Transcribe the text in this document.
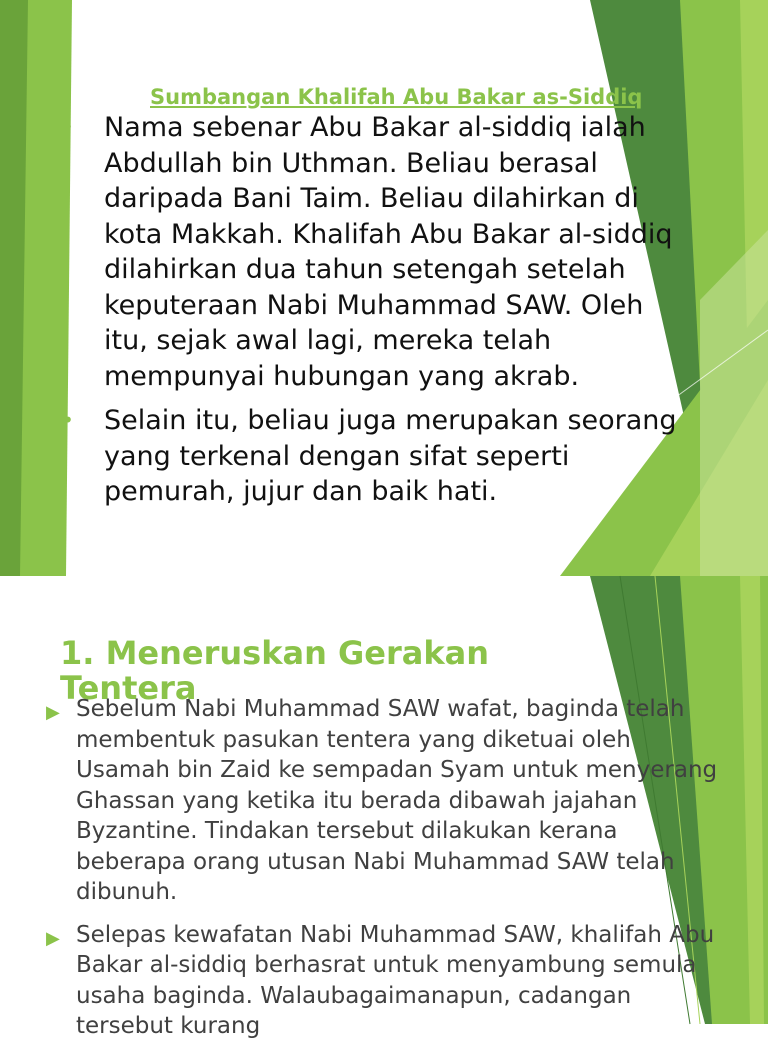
Sumbangan Khalifah Abu Bakar as-Siddiq
• Nama sebenar Abu Bakar al-siddiq ialah Abdullah bin Uthman. Beliau berasal daripada Bani Taim. Beliau dilahirkan di kota Makkah. Khalifah Abu Bakar al-siddiq dilahirkan dua tahun setengah setelah keputeraan Nabi Muhammad SAW. Oleh itu, sejak awal lagi, mereka telah mempunyai hubungan yang akrab.
• Selain itu, beliau juga merupakan seorang yang terkenal dengan sifat seperti pemurah, jujur dan baik hati.
1. Meneruskan Gerakan Tentera
▶ Sebelum Nabi Muhammad SAW wafat, baginda telah membentuk pasukan tentera yang diketuai oleh Usamah bin Zaid ke sempadan Syam untuk menyerang Ghassan yang ketika itu berada dibawah jajahan Byzantine. Tindakan tersebut dilakukan kerana beberapa orang utusan Nabi Muhammad SAW telah dibunuh.
▶ Selepas kewafatan Nabi Muhammad SAW, khalifah Abu Bakar al-siddiq berhasrat untuk menyambung semula usaha baginda. Walaubagaimanapun, cadangan tersebut kurang
